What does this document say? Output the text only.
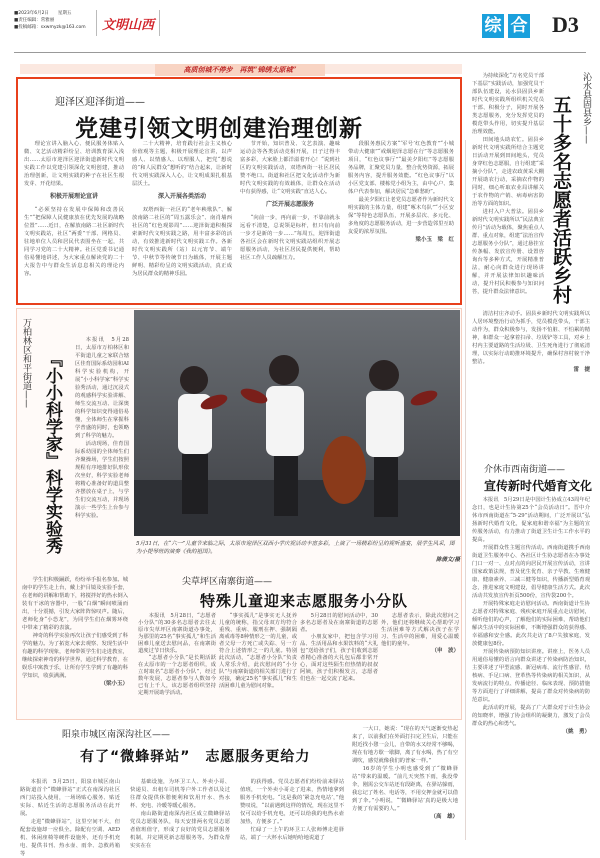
■2023年6月2日　　星期五
■责任编辑：常雅丽
■投稿邮箱：sxwmyzk@163.com	文明山西	综 合 D3
高质创城不停步　再筑“锦绣太原城”
迎泽区迎泽街道——
党建引领文明创建治理创新

理论宣讲入脑入心、便民服务体贴入微、文艺活动精彩纷呈、培训教育深入浅出……太原市迎泽区迎泽街道新时代文明实践工作以党建引领深化文明创建，推动治理创新，让文明实践的种子在社区生根发芽、开花结果。

积极开展理论宣讲

“必须坚持在发展中保障和改善民生”“把保障人民健康放在优先发展的战略位置”……近日，在解放南路二社区新时代文明实践站，社区“两委”干部、网格员、驻地单位人员和居民代表围坐在一起，共同学习党的二十大精神。社区党委书记通俗易懂地讲述，为大家重点解读党的二十大报告中与群众生活息息相关的理论内容。

二十大精神，培育践行社会主义核心价值观等主题，积极开展理论宣讲，以声感人、以情感人、以理服人，把党“想说的”和人民群众“想听的”结合起来，让新时代文明实践深入人心，让文明成果扎根基层沃土。

深入开展各类活动

双塔西街一社区的“老年秧歌队”、解放南路二社区的“周五露乐会”、南肖墙西社区的“红色观影周”……迎泽街道积极探索新时代文明实践之路，用丰富多彩的活动，有效推进新时代文明实践工作。各新时代文明实践所（站）以元宵节、端午节、中秋节等传统节日为载体，开展主题鲜明、精彩纷呈的文明实践活动，真正成为居民群众的精神乐园。

节开始，知识普及、文艺表演、趣味运动会等各类活动竞相开展，日子过得丰富多彩，大家脸上都洋溢着开心！“说到社区的文明实践活动，双塔西街一社区居民赞不绝口。街道和社区把文化活动作为新时代文明实践的有效载体，让群众在活动中有获得感，让“文明实践”直达人心。

广泛开展志愿服务

“向前一步，再向前一步，不靠前就永远看不清楚，总说领是标杆，但只有向前一步才是新的一步……”每周五，迎泽街道各社区会在新时代文明实践站组织开展志愿服务活动，为社区居民提供便利，帮助社区工作人员疏解压力。

段服务惠民方案“‘军号’红色教育”“小城带动大健康”“戒烟迎泽志愿在行”等志愿服务项目，“红色议事厅”“最美夕阳红”等志愿服务品牌，汇聚党员力量，整合优势资源，拓展服务内容，提升服务效能。“红色议事厅”以小区党支部、楼栋党小组为主，由中心户、集体户代表参加，解决居民“急难愁盼”。

最美夕阳红让老党员志愿者作为新时代文明实践的主体力量，组建“啄木鸟队”“小区安保”等特色志愿队伍，开展多层次、多元化、多角度的志愿服务活动，进一步营造邻里互助友爱的浓厚氛围。

梁小玉　梁　红
万柏林区和平街道—— 『小小科学家』科学实验秀

本报讯　5月28日，太原市万柏林区和平街道儿童之家联合辖区佳育国际系幼园和AI科学实验机构，开展“小小科学家”科学实验秀活动，通过沉浸式的观感科学实验讲解、师生交流互动、让深奥的科学知识变得通俗易懂，全体师生在掌握科学普盛的同时，也领略到了科学的魅力。

活动现场，佳育国际系幼园的全体师生们齐聚操场，学生们按照规程有序地排好队形依次坐好，科学实验老师将精心准备好的道具整齐摆放在桌子上，与学生们交流互动，并现场演示一些学生上台参与科学实验。

学生们积极踊跃，纷纷举手报名参加。城南中的学生走上台，戴上护目镜及实验手套，在老师的讲解和帮助下，将搅拌好的热水倒入装有干冰的容器中，一股“白烟”瞬间喷涌而出，十分震撼，引发大家阵阵惊叹声。随后，老师化身“小恐龙”，为同学生们在烟雾环绕中带来了精彩的表演。

神奇的科学实验再次让孩子们感受到了科学的魅力。为了拓宽大家去观察、发现生活中有趣的科学现象，老师带领学生们走进教室，继续探索神奇的科学世界，通过科学教育，在娱乐中寓教于乐，让所有学生学到了有趣的科学知识，收获满满。

（梁小玉）
5月31日，在“六一”儿童节来临之际，太原市迎泽区双西小学庆祝活动丰富多彩，上演了一场精彩纷呈的视听盛宴，展学生风采，图为小提琴班的演奏《我的祖国》。
陈倩文/摄
尖草坪区南寨街道——
特殊儿童迎来志愿服务小分队

本报讯　5月28日，“志愿者小分队”的30多名志愿者去往太原市尖草坪区南寨街道办事处，为那里的25名“事实孤儿”和生活困难儿童送去慰问品，在南寨街道度过节日快乐。

“志愿者小分队”是长期活跃在太原市的一个志愿者组织，成立时取名“志愿者小分队”，经过数年发展，志愿者参与人数如今已有上千人，该志愿者组织坚持定期开展助学活动。

“事实孤儿”是事实无人抚养儿童的统称，指父母双方均符合重残、重病、服刑在押、强制隔离戒毒等8种情形之一的儿童，或者父母一方死亡或失踪、另一方符合上述情形之一的儿童。特别此次活动，“志愿者小分队”负责人常乐介绍，此次慰问的“小分队”与南寨街道的相关部门进行了对接，确定25名“事实孤儿”和生活困难儿童为慰问对象。

5月28日的慰问活动中，30多名志愿者及在南寨街道的志愿者。

小朋友家中，把包含学习用品、生活用品和水果饮料的“大礼包”送给孩子们，孩子们收到志愿者精心准备的大礼包后都非常开心，面对这些陌生但热情的叔叔阿姨，孩子们积极发言，志愿者们也在一起交流了起来。

志愿者表示，除此次慰问之外，他们还将继续关心帮助学习生活困难等方式解决孩子在学习、生活中的困难，用爱心温暖他们的童年。

（申　波）
阳泉市城区南深沟社区——
有了“微蜂驿站”　志愿服务更给力

本报讯　5月25日，阳泉市城区南山路街道首个“微蜂驿站”正式在南深沟社区西门站投入使用，一场场贴心服务、贴近实际、贴近生活的志愿服务活动在此开展。

走进“微蜂驿站”，这里空间不大，但配套设施却一应俱全。除配有空调、AED机、休闲座椅等硬件设施外，还有手机充电、提供书刊、热水壶、雨伞、急救药箱等

基础设施，为环卫工人、外卖小哥、快递员、出租车司机等户外工作者以及过往群众提供休憩便利和饮用开水、热水杯、充电、冷暖等暖心服务。

南山路街道南深沟社区成立微蜂驿站党员志愿服务队，每天安排两名党员志愿者值班值守，形成了良好的党员志愿服务机制，并定期更新志愿服务等。为群众帮实实在在

的获得感。党员志愿者们纷纷前来驿站值班，一个外卖小哥走了进来，热情地拿到服务手机充电。“这是我的‘紧急充电站’，”他赞叹说，“以前遇到这样的情况，现在这里不仅可以给手机充电，还可以给我的电热水壶加热，方便多了。”

忙碌了一上午的环卫工人张师傅走进驿站，端了一大杯水后她哈哈地说道了

一大口，她说：“现在的天气逐渐变热起来了，以前我们在外面打扫完卫生后，只能在附近找小憩一会儿，自带的水又经常不够喝，现在有地方歇一歇脚，离了有水喝，热了有空调吹，感觉就像我们的普家一样。”

16岁的学生小明也感受到了“微蜂驿站”带来的温暖。“前几天突然下雨，我没带伞，刚需公交车站还有段距离，在驿站躲雨，我忘记了姓名、电话等，不用交押金就可以借到了伞。”小明说，“‘微蜂驿站’真的是极大地方便了有需要的人。”

（高　雄）
沁水县固县乡——
五十多名志愿者活跃乡村

为持续深化“万名党员干部下基层”实践活动，加强党员干部队伍建设，沁水县固县乡新时代文明实践所组织机关党员干部、积极分子，同时开展各类志愿服务，充分发挥党员的模范带头作用，切实提升基层治理效能。

田间地头助农忙。固县乡新时代文明实践所结合主题党日活动开展到田间地头，党员身穿红色志愿服，自行组建“采摘小分队”，走进农政黄采大棚开展助农行动，采摘农作物的同时，细心听取农业局讲解关于农作物的产销、病毒病害防治等方面的知识。

进村入户大普法。固县乡新时代文明实践所以“民法典宣传月”活动为载体，聚焦重点人群、重点对象，组建“法治宣传志愿服务小分队”，通过悬挂宣传条幅、发放宣传册、设置咨询台等多种方式，开展精准普法，耐心向群众进行现场讲解，并开展法律知识趣味活动，提升村民积极参与知识问答，提升群众法律意识。

清洁村庄齐动手。固县乡新时代文明实践所以人居环境整治行动为抓手，党员模范带头，干部主动作为，群众积极参与，发扬不怕脏、不怕累的精神，和群众一起拿着扫帚、垃圾铲等工具，对乡上村内主要道路的生活垃圾、卫生死角进行了彻底清理，以实际行动助推环境提升，确保村容村貌干净整洁。

雷　捷
介休市西南街道——
宣传新时代婚育文化

本报讯　5月29日是中国计生协成立43周年纪念日，也是计生协第25个“会员活动日”。晋中介休市西南街道在“5·29”活动期间，广泛开展以“弘扬新时代婚育文化，促家庭和谐幸福”为主题的宣传服务活动，有力推动了街道卫生计生工作水平的提高。

开展群众性主题宣传活动。西南街道携手西南街道卫生服务中心、各社区计生协志愿者在办事处门口一对一、点对点的向居民开展宣传活动，宣讲国家政策法规，普及优生优育、亲子早教、生殖健康、健康素养、三减三健等知识，传播新型婚育观念，推进家庭文明建设，倡导健康生活方式。此次活动共发放宣传折页500份，宣传袋200个。

开展特殊家庭走访慰问活动。西南街道计生协志愿者对特殊家庭、残疾家庭开展重点走访慰问，倾听他们的心声，了解他们的实际困难，帮助他们解决生活中的实际困难，不断增强群众的获得感、幸福感和安全感。此次共走访了8户失独家庭，发放健康包8份。

开展传染病预防知识讲座。讲座上，医务人员用通俗易懂的语言向群众讲述了传染病防治知识，主要讲述了甲型流感、新冠病毒、流行性感冒、结核病、手足口病、登革热等传染病的相关知识，从发病流行的特点、传播途径、临床表现、预防措施等方面进行了详细讲解，提高了群众对传染病的防范意识。

此活动的开展，提高了广大群众对于计生协会的知晓率，增强了协会组织的凝聚力，激发了会员群众的热心和勇气。

（姚　勇）
